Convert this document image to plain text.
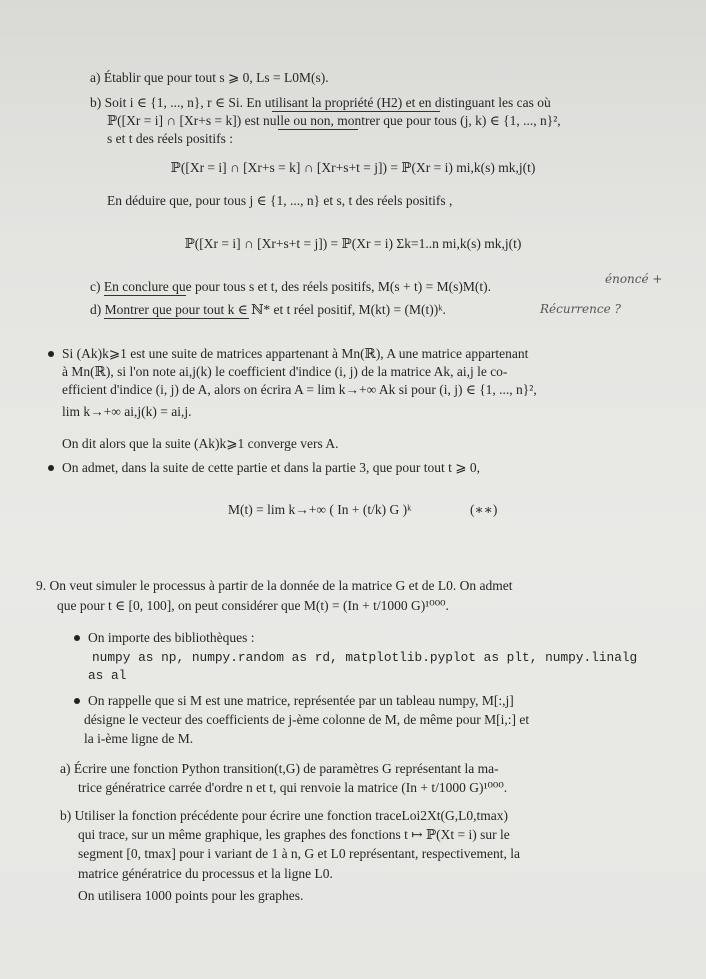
a) Établir que pour tout s ⩾ 0, Ls = L0M(s).
b) Soit i ∈ {1, ..., n}, r ∈ Si. En utilisant la propriété (H2) et en distinguant les cas où
ℙ([Xr = i] ∩ [Xr+s = k]) est nulle ou non, montrer que pour tous (j, k) ∈ {1, ..., n}²,
s et t des réels positifs :
ℙ([Xr = i] ∩ [Xr+s = k] ∩ [Xr+s+t = j]) = ℙ(Xr = i) mi,k(s) mk,j(t)
En déduire que, pour tous j ∈ {1, ..., n} et s, t des réels positifs ,
ℙ([Xr = i] ∩ [Xr+s+t = j]) = ℙ(Xr = i) Σk=1..n mi,k(s) mk,j(t)
c) En conclure que pour tous s et t, des réels positifs, M(s + t) = M(s)M(t).	énoncé +
d) Montrer que pour tout k ∈ ℕ* et t réel positif, M(kt) = (M(t))ᵏ.	Récurrence ?
Si (Ak)k⩾1 est une suite de matrices appartenant à Mn(ℝ), A une matrice appartenant
à Mn(ℝ), si l'on note ai,j(k) le coefficient d'indice (i, j) de la matrice Ak, ai,j le co-
efficient d'indice (i, j) de A, alors on écrira A = lim k→+∞ Ak si pour (i, j) ∈ {1, ..., n}²,
lim k→+∞ ai,j(k) = ai,j.
On dit alors que la suite (Ak)k⩾1 converge vers A.
On admet, dans la suite de cette partie et dans la partie 3, que pour tout t ⩾ 0,
M(t) = lim k→+∞ ( In + (t/k) G )ᵏ	(∗∗)
9. On veut simuler le processus à partir de la donnée de la matrice G et de L0. On admet
que pour t ∈ [0, 100], on peut considérer que M(t) = (In + t/1000 G)¹⁰⁰⁰.
On importe des bibliothèques :
numpy as np, numpy.random as rd, matplotlib.pyplot as plt, numpy.linalg
as al
On rappelle que si M est une matrice, représentée par un tableau numpy, M[:,j]
désigne le vecteur des coefficients de j-ème colonne de M, de même pour M[i,:] et
la i-ème ligne de M.
a) Écrire une fonction Python transition(t,G) de paramètres G représentant la ma-
trice génératrice carrée d'ordre n et t, qui renvoie la matrice (In + t/1000 G)¹⁰⁰⁰.
b) Utiliser la fonction précédente pour écrire une fonction traceLoi2Xt(G,L0,tmax)
qui trace, sur un même graphique, les graphes des fonctions t ↦ ℙ(Xt = i) sur le
segment [0, tmax] pour i variant de 1 à n, G et L0 représentant, respectivement, la
matrice génératrice du processus et la ligne L0.
On utilisera 1000 points pour les graphes.
